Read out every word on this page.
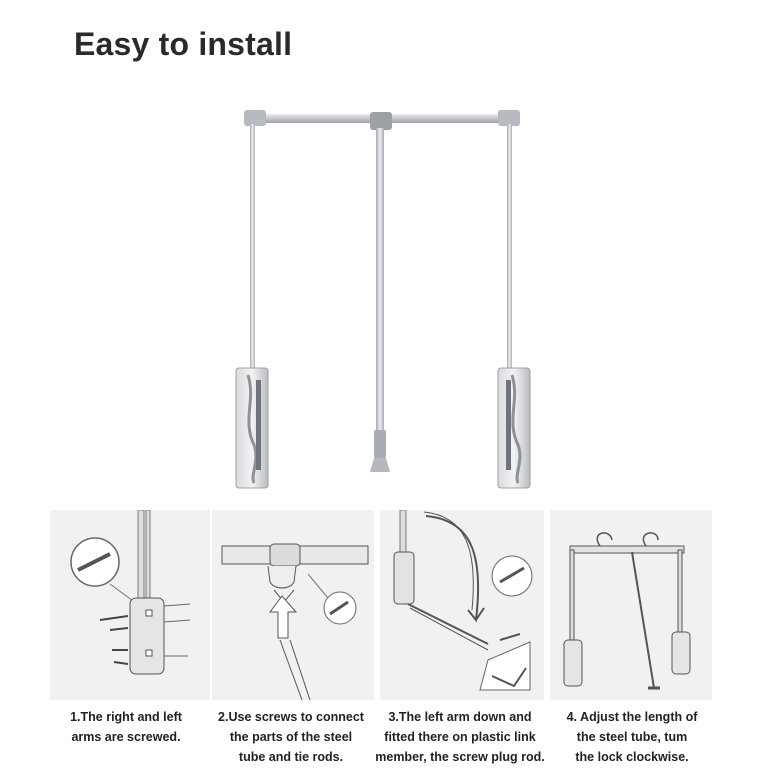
Easy to install
1.The right and left
arms are screwed.
2.Use screws to connect
the parts of the steel
tube and tie rods.
3.The left arm down and
fitted there on plastic link
member, the screw plug rod.
4. Adjust the length of
the steel tube, tum
the lock clockwise.
